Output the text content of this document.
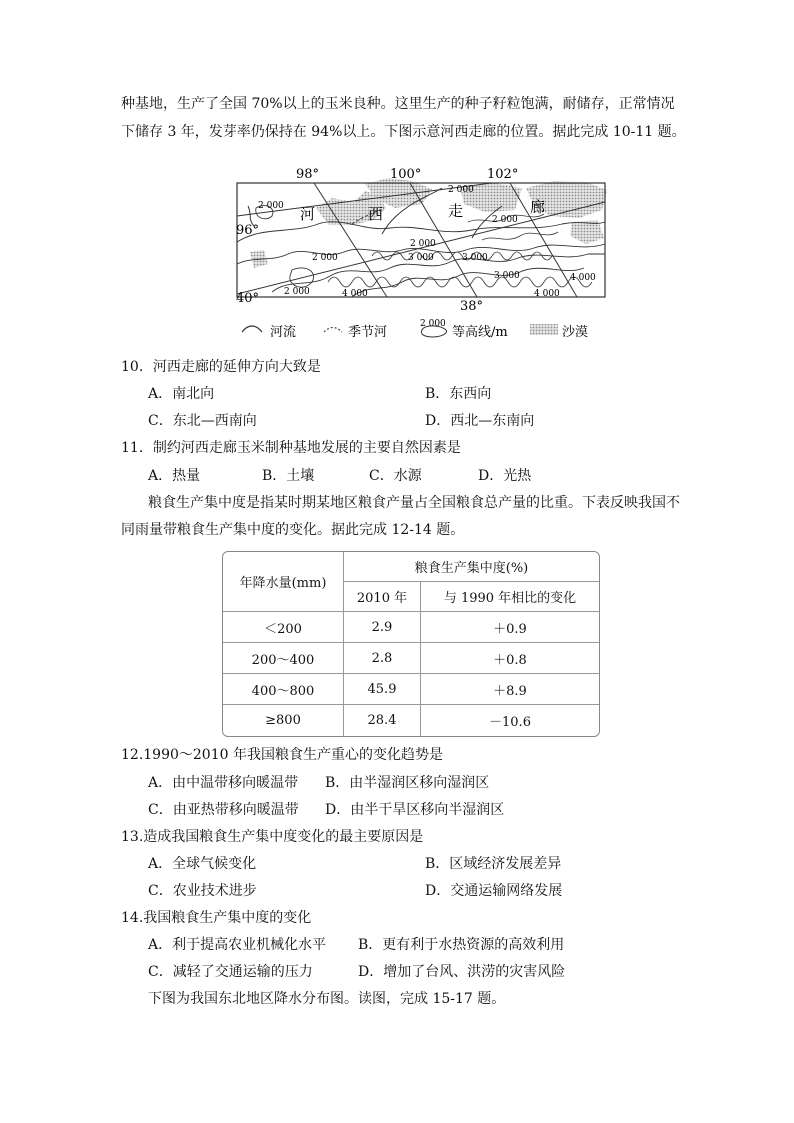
种基地，生产了全国 70%以上的玉米良种。这里生产的种子籽粒饱满，耐储存，正常情况
下储存 3 年，发芽率仍保持在 94%以上。下图示意河西走廊的位置。据此完成 10-11 题。
98°	100°	102°
96°
40°
38°
河	西	走	廊
2 000
2 000
2 000
2 000
2 000
3 000
3 000
4 000
2 000	4 000
3 000	4 000
河流	季节河
2 000
等高线/m	沙漠
10．河西走廊的延伸方向大致是
A．南北向	B．东西向
C．东北—西南向	D．西北—东南向
11．制约河西走廊玉米制种基地发展的主要自然因素是
A．热量	B．土壤	C．水源	D．光热
粮食生产集中度是指某时期某地区粮食产量占全国粮食总产量的比重。下表反映我国不
同雨量带粮食生产集中度的变化。据此完成 12-14 题。
年降水量(mm)	粮食生产集中度(%)	
	2010 年	与 1990 年相比的变化
＜200	2.9	＋0.9
200～400	2.8	＋0.8
400～800	45.9	＋8.9
≥800	28.4	－10.6
12.1990～2010 年我国粮食生产重心的变化趋势是
A．由中温带移向暖温带 B．由半湿润区移向湿润区
C．由亚热带移向暖温带 D．由半干旱区移向半湿润区
13.造成我国粮食生产集中度变化的最主要原因是
A．全球气候变化	B．区域经济发展差异
C．农业技术进步	D．交通运输网络发展
14.我国粮食生产集中度的变化
A．利于提高农业机械化水平 B．更有利于水热资源的高效利用
C．减轻了交通运输的压力	D．增加了台风、洪涝的灾害风险
下图为我国东北地区降水分布图。读图，完成 15-17 题。
